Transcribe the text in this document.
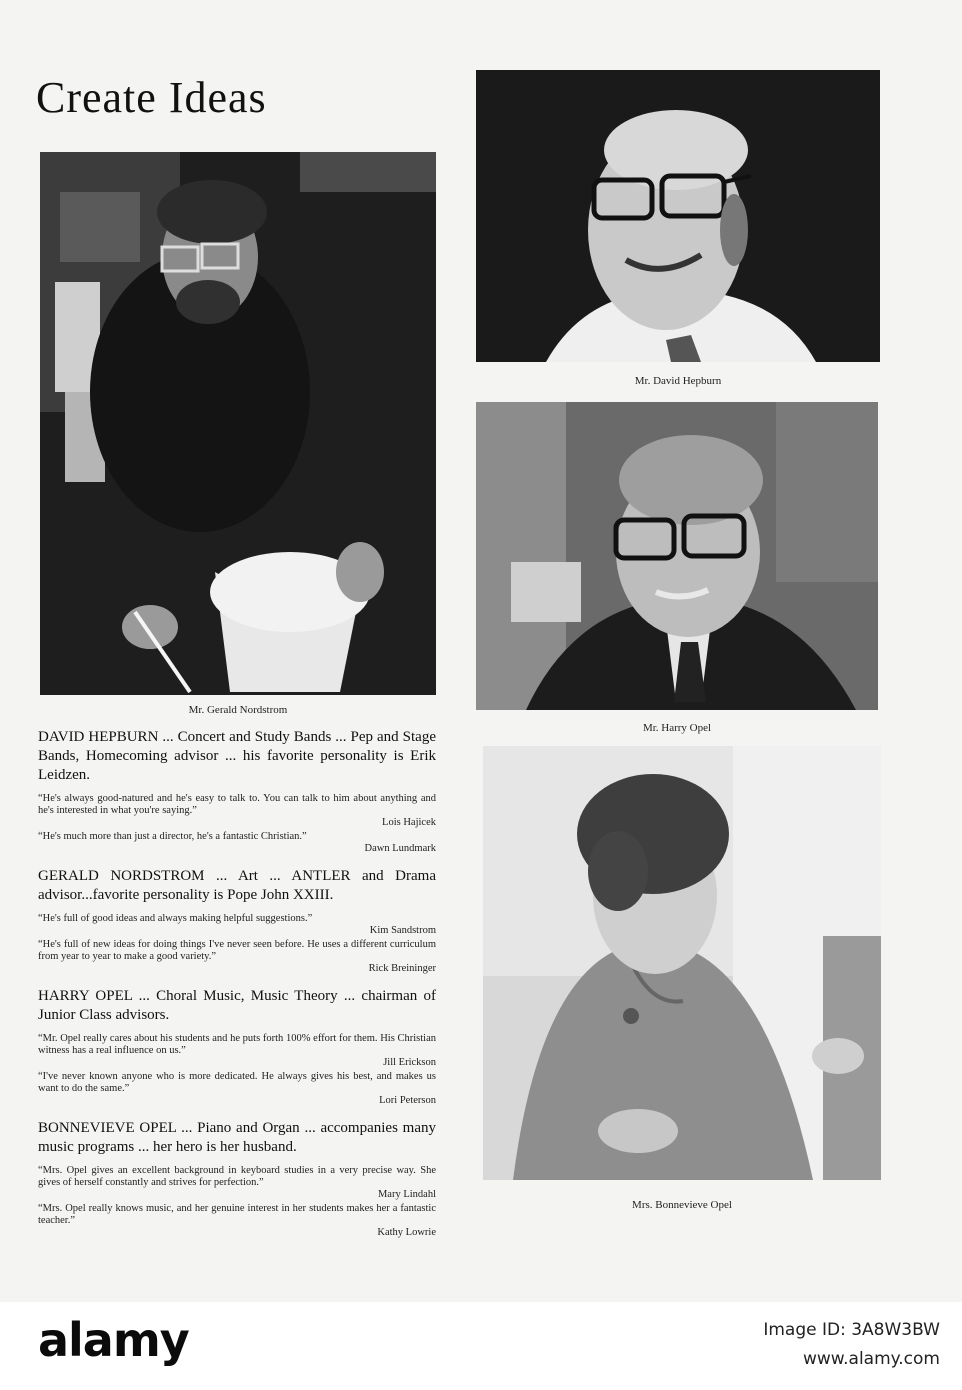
Create Ideas
Mr. Gerald Nordstrom
Mr. David Hepburn
Mr. Harry Opel
Mrs. Bonnevieve Opel

DAVID HEPBURN ... Concert and Study Bands ... Pep and Stage Bands, Homecoming advisor ... his favorite personality is Erik Leidzen.

“He's always good-natured and he's easy to talk to. You can talk to him about anything and he's interested in what you're saying.”

Lois Hajicek

“He's much more than just a director, he's a fantastic Christian.”

Dawn Lundmark

GERALD NORDSTROM ... Art ... ANTLER and Drama advisor...favorite personality is Pope John XXIII.

“He's full of good ideas and always making helpful suggestions.”

Kim Sandstrom

“He's full of new ideas for doing things I've never seen before. He uses a different curriculum from year to year to make a good variety.”

Rick Breininger

HARRY OPEL ... Choral Music, Music Theory ... chairman of Junior Class advisors.

“Mr. Opel really cares about his students and he puts forth 100% effort for them. His Christian witness has a real influence on us.”

Jill Erickson

“I've never known anyone who is more dedicated. He always gives his best, and makes us want to do the same.”

Lori Peterson

BONNEVIEVE OPEL ... Piano and Organ ... accompanies many music programs ... her hero is her husband.

“Mrs. Opel gives an excellent background in keyboard studies in a very precise way. She gives of herself constantly and strives for perfection.”

Mary Lindahl

“Mrs. Opel really knows music, and her genuine interest in her students makes her a fantastic teacher.”

Kathy Lowrie

alamy	Image ID: 3A8W3BW
www.alamy.com
